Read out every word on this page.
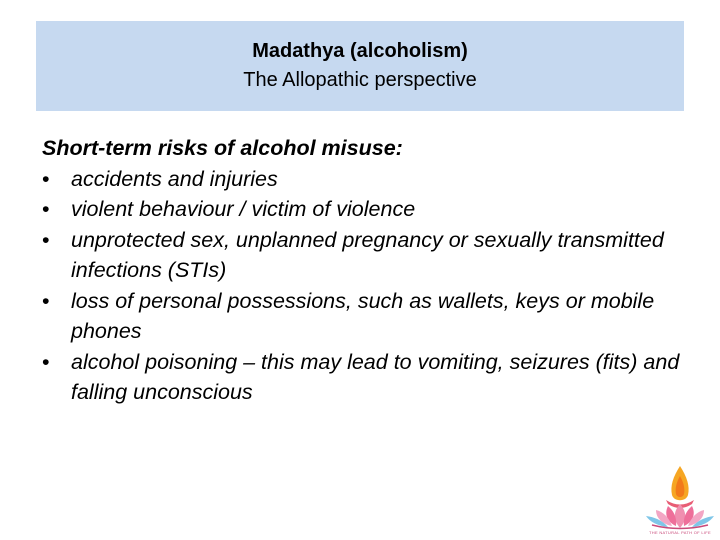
Madathya (alcoholism)
The Allopathic perspective
Short-term risks of alcohol misuse:
• accidents and injuries
• violent behaviour / victim of violence
• unprotected sex, unplanned pregnancy or sexually transmitted infections (STIs)
• loss of personal possessions, such as wallets, keys or mobile phones
• alcohol poisoning – this may lead to vomiting, seizures (fits) and falling unconscious
THE NATURAL PATH OF LIFE
